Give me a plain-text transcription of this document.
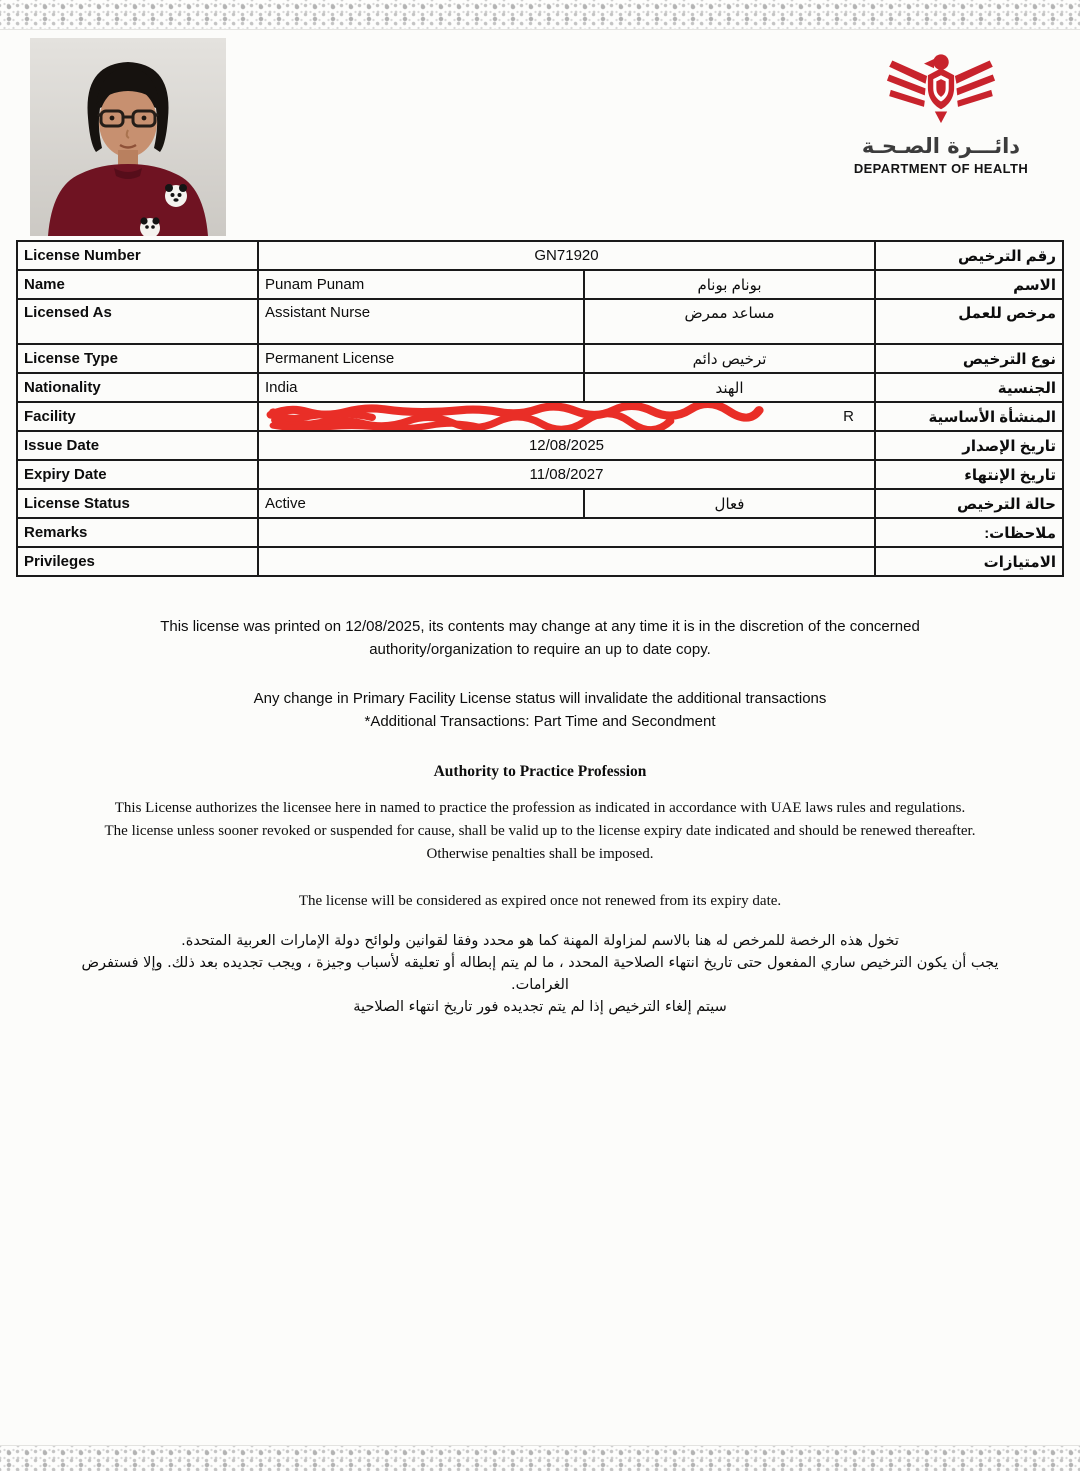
دائـــرة الصـحـة
DEPARTMENT OF HEALTH
License Number	GN71920		رقم الترخيص
Name	Punam Punam	بونام بونام	الاسم
Licensed As	Assistant Nurse	مساعد ممرض	مرخص للعمل
License Type	Permanent License	ترخيص دائم	نوع الترخيص
Nationality	India	الهند	الجنسية
Facility	R		المنشأة الأساسية
Issue Date	12/08/2025		تاريخ الإصدار
Expiry Date	11/08/2027		تاريخ الإنتهاء
License Status	Active	فعال	حالة الترخيص
Remarks			ملاحظات:
Privileges			الامتيازات

This license was printed on 12/08/2025, its contents may change at any time it is in the discretion of the concerned authority/organization to require an up to date copy.

Any change in Primary Facility License status will invalidate the additional transactions
*Additional Transactions: Part Time and Secondment
Authority to Practice Profession
This License authorizes the licensee here in named to practice the profession as indicated in accordance with UAE laws rules and regulations.
The license unless sooner revoked or suspended for cause, shall be valid up to the license expiry date indicated and should be renewed thereafter.
Otherwise penalties shall be imposed.

The license will be considered as expired once not renewed from its expiry date.

تخول هذه الرخصة للمرخص له هنا بالاسم لمزاولة المهنة كما هو محدد وفقا لقوانين ولوائح دولة الإمارات العربية المتحدة.
يجب أن يكون الترخيص ساري المفعول حتى تاريخ انتهاء الصلاحية المحدد ، ما لم يتم إبطاله أو تعليقه لأسباب وجيزة ، ويجب تجديده بعد ذلك. وإلا فستفرض الغرامات.
سيتم إلغاء الترخيص إذا لم يتم تجديده فور تاريخ انتهاء الصلاحية
